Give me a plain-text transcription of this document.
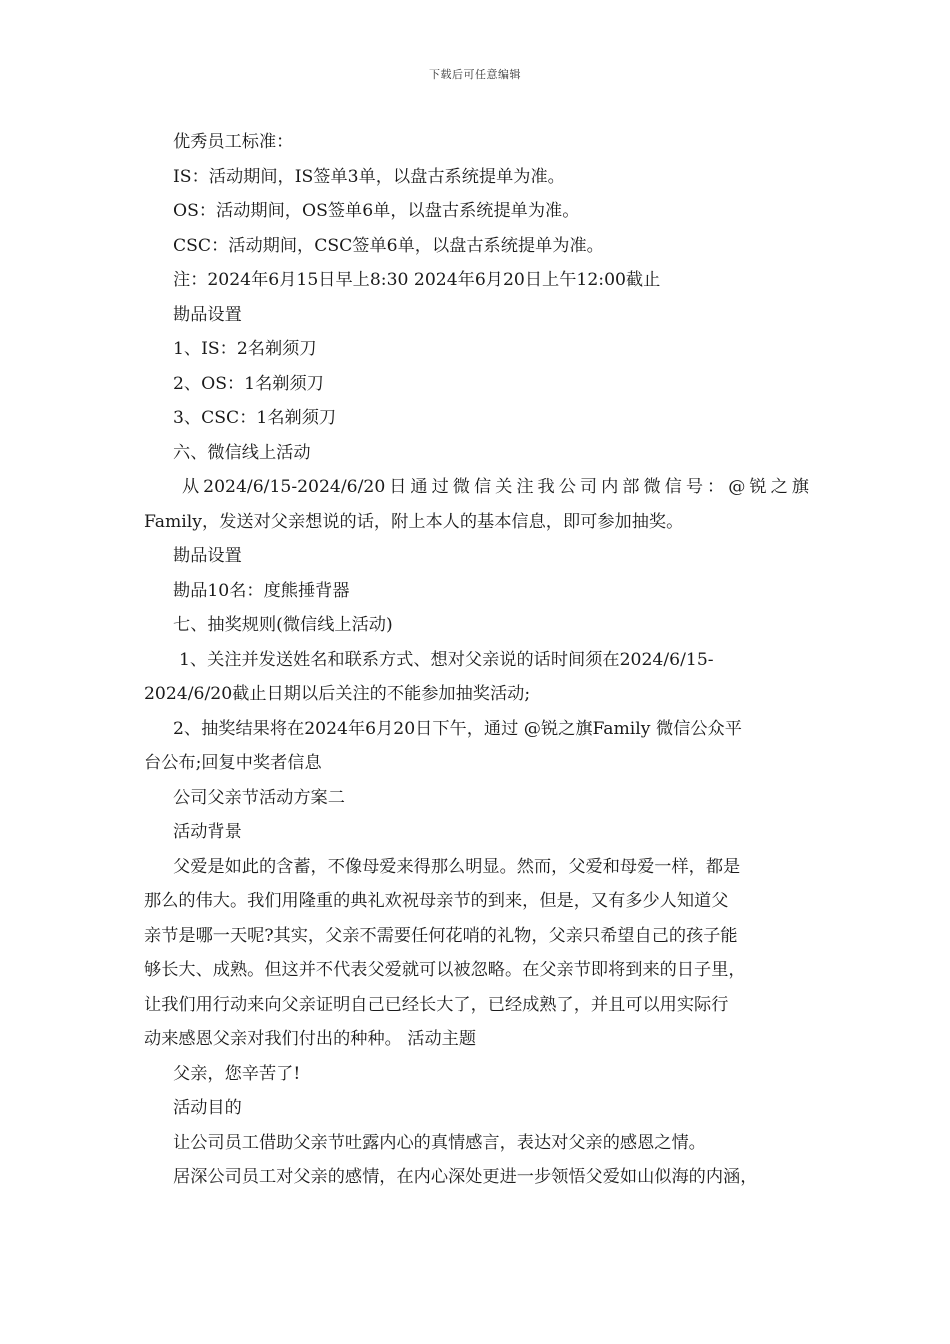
下载后可任意编辑
优秀员工标准：
IS：活动期间，IS签单3单，以盘古系统提单为准。
OS：活动期间，OS签单6单，以盘古系统提单为准。
CSC：活动期间，CSC签单6单，以盘古系统提单为准。
注：2024年6月15日早上8:30 2024年6月20日上午12:00截止
勘品设置
1、IS：2名剃须刀
2、OS：1名剃须刀
3、CSC：1名剃须刀
六、微信线上活动
从2024/6/15-2024/6/20日通过微信关注我公司内部微信号：@锐之旗
Family，发送对父亲想说的话，附上本人的基本信息，即可参加抽奖。
勘品设置
勘品10名：度熊捶背器
七、抽奖规则(微信线上活动)
1、关注并发送姓名和联系方式、想对父亲说的话时间须在2024/6/15-
2024/6/20截止日期以后关注的不能参加抽奖活动;
2、抽奖结果将在2024年6月20日下午，通过 @锐之旗Family 微信公众平
台公布;回复中奖者信息
公司父亲节活动方案二
活动背景
父爱是如此的含蓄，不像母爱来得那么明显。然而，父爱和母爱一样，都是
那么的伟大。我们用隆重的典礼欢祝母亲节的到来，但是，又有多少人知道父
亲节是哪一天呢?其实，父亲不需要任何花哨的礼物，父亲只希望自己的孩子能
够长大、成熟。但这并不代表父爱就可以被忽略。在父亲节即将到来的日子里，
让我们用行动来向父亲证明自己已经长大了，已经成熟了，并且可以用实际行
动来感恩父亲对我们付出的种种。 活动主题
父亲，您辛苦了!
活动目的
让公司员工借助父亲节吐露内心的真情感言，表达对父亲的感恩之情。
居深公司员工对父亲的感情，在内心深处更进一步领悟父爱如山似海的内涵，
